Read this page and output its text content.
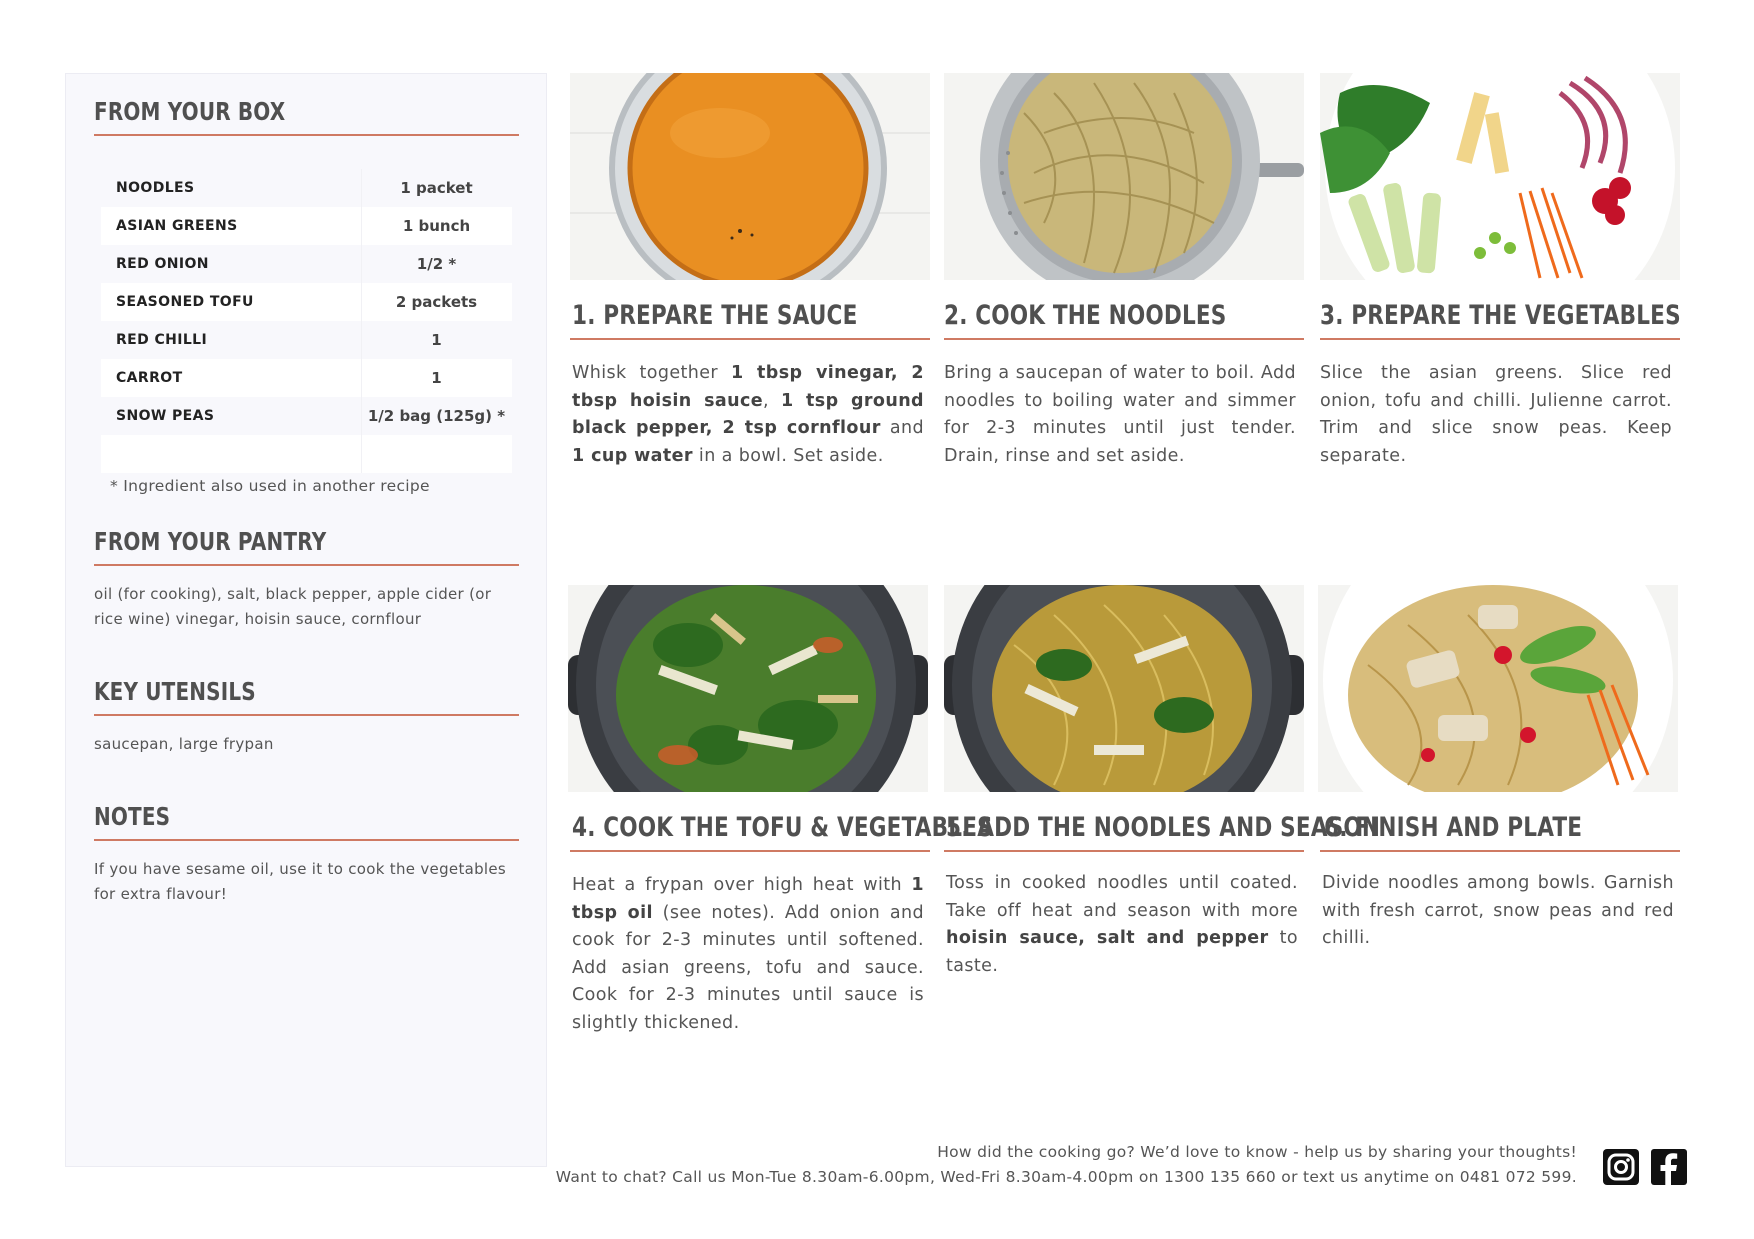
FROM YOUR BOX
NOODLES	1 packet
ASIAN GREENS	1 bunch
RED ONION	1/2 *
SEASONED TOFU	2 packets
RED CHILLI	1
CARROT	1
SNOW PEAS	1/2 bag (125g) *
* Ingredient also used in another recipe
FROM YOUR PANTRY
oil (for cooking), salt, black pepper, apple cider (or rice wine) vinegar, hoisin sauce, cornflour
KEY UTENSILS
saucepan, large frypan
NOTES
If you have sesame oil, use it to cook the vegetables for extra flavour!
1. PREPARE THE SAUCE
Whisk together 1 tbsp vinegar, 2 tbsp hoisin sauce, 1 tsp ground black pepper, 2 tsp cornflour and 1 cup water in a bowl. Set aside.
2. COOK THE NOODLES
Bring a saucepan of water to boil. Add noodles to boiling water and simmer for 2-3 minutes until just tender. Drain, rinse and set aside.
3. PREPARE THE VEGETABLES
Slice the asian greens. Slice red onion, tofu and chilli. Julienne carrot. Trim and slice snow peas. Keep separate.
4. COOK THE TOFU & VEGETABLES
Heat a frypan over high heat with 1 tbsp oil (see notes). Add onion and cook for 2-3 minutes until softened. Add asian greens, tofu and sauce. Cook for 2-3 minutes until sauce is slightly thickened.
5. ADD THE NOODLES AND SEASON
Toss in cooked noodles until coated. Take off heat and season with more hoisin sauce, salt and pepper to taste.
6. FINISH AND PLATE
Divide noodles among bowls. Garnish with fresh carrot, snow peas and red chilli.
How did the cooking go? We’d love to know - help us by sharing your thoughts!
Want to chat? Call us Mon-Tue 8.30am-6.00pm, Wed-Fri 8.30am-4.00pm on 1300 135 660 or text us anytime on 0481 072 599.
